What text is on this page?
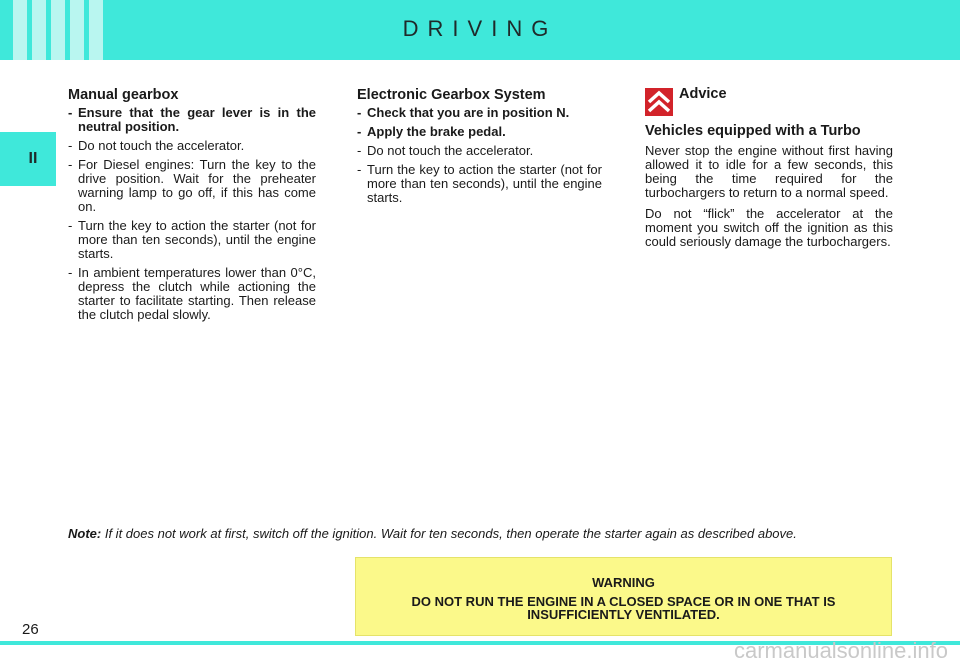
DRIVING
II
Manual gearbox
- Ensure that the gear lever is in the neutral position.
- Do not touch the accelerator.
- For Diesel engines: Turn the key to the drive position. Wait for the preheater warning lamp to go off, if this has come on.
- Turn the key to action the starter (not for more than ten seconds), until the engine starts.
- In ambient temperatures lower than 0°C, depress the clutch while actioning the starter to facilitate starting. Then release the clutch pedal slowly.
Electronic Gearbox System
- Check that you are in position N.
- Apply the brake pedal.
- Do not touch the accelerator.
- Turn the key to action the starter (not for more than ten seconds), until the engine starts.
Advice
Vehicles equipped with a Turbo

Never stop the engine without first having allowed it to idle for a few seconds, this being the time required for the turbochargers to return to a normal speed.

Do not “flick” the accelerator at the moment you switch off the ignition as this could seriously damage the turbochargers.

Note: If it does not work at first, switch off the ignition. Wait for ten seconds, then operate the starter again as described above.
WARNING
DO NOT RUN THE ENGINE IN A CLOSED SPACE OR IN ONE THAT IS INSUFFICIENTLY VENTILATED.
26
carmanualsonline.info
